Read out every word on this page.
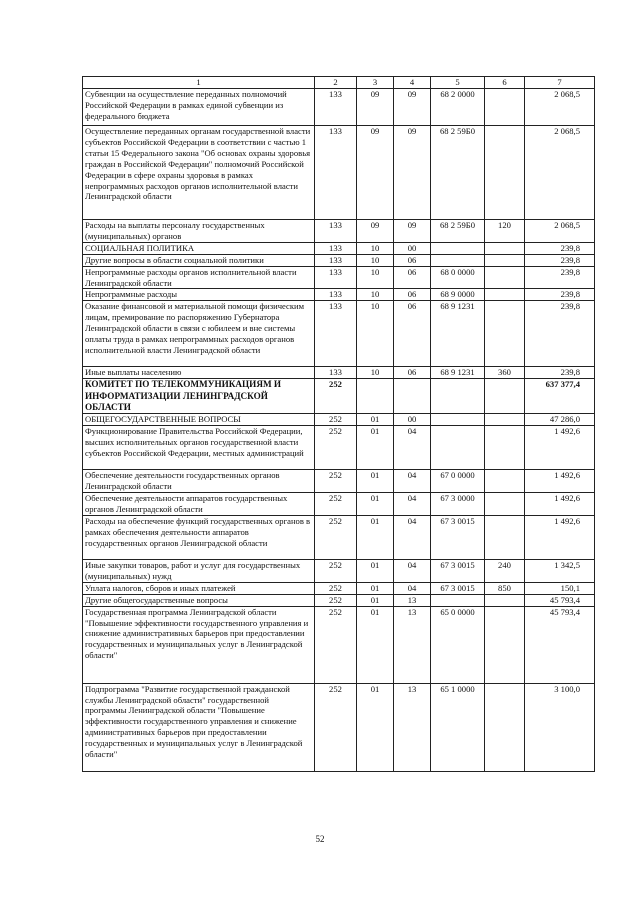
1	2	3	4	5	6	7
Субвенции на осуществление переданных полномочий Российской Федерации в рамках единой субвенции из федерального бюджета	133	09	09	68 2 0000		2 068,5
Осуществление переданных органам государственной власти субъектов Российской Федерации в соответствии с частью 1 статьи 15 Федерального закона "Об основах охраны здоровья граждан в Российской Федерации" полномочий Российской Федерации в сфере охраны здоровья в рамках непрограммных расходов органов исполнительной власти Ленинградской области	133	09	09	68 2 59Б0		2 068,5
Расходы на выплаты персоналу государственных (муниципальных) органов	133	09	09	68 2 59Б0	120	2 068,5
СОЦИАЛЬНАЯ ПОЛИТИКА	133	10	00			239,8
Другие вопросы в области социальной политики	133	10	06			239,8
Непрограммные расходы органов исполнительной власти Ленинградской области	133	10	06	68 0 0000		239,8
Непрограммные расходы	133	10	06	68 9 0000		239,8
Оказание финансовой и материальной помощи физическим лицам, премирование по распоряжению Губернатора Ленинградской области в связи с юбилеем и вне системы оплаты труда в рамках непрограммных расходов органов исполнительной власти Ленинградской области	133	10	06	68 9 1231		239,8
Иные выплаты населению	133	10	06	68 9 1231	360	239,8
КОМИТЕТ ПО ТЕЛЕКОММУНИКАЦИЯМ И ИНФОРМАТИЗАЦИИ ЛЕНИНГРАДСКОЙ ОБЛАСТИ	252					637 377,4
ОБЩЕГОСУДАРСТВЕННЫЕ ВОПРОСЫ	252	01	00			47 286,0
Функционирование Правительства Российской Федерации, высших исполнительных органов государственной власти субъектов Российской Федерации, местных администраций	252	01	04			1 492,6
Обеспечение деятельности государственных органов Ленинградской области	252	01	04	67 0 0000		1 492,6
Обеспечение деятельности аппаратов государственных органов Ленинградской области	252	01	04	67 3 0000		1 492,6
Расходы на обеспечение функций государственных органов в рамках обеспечения деятельности аппаратов государственных органов Ленинградской области	252	01	04	67 3 0015		1 492,6
Иные закупки товаров, работ и услуг для государственных (муниципальных) нужд	252	01	04	67 3 0015	240	1 342,5
Уплата налогов, сборов и иных платежей	252	01	04	67 3 0015	850	150,1
Другие общегосударственные вопросы	252	01	13			45 793,4
Государственная программа Ленинградской области "Повышение эффективности государственного управления и снижение административных барьеров при предоставлении государственных и муниципальных услуг в Ленинградской области"	252	01	13	65 0 0000		45 793,4
Подпрограмма "Развитие государственной гражданской службы Ленинградской области" государственной программы Ленинградской области "Повышение эффективности государственного управления и снижение административных барьеров при предоставлении государственных и муниципальных услуг в Ленинградской области"	252	01	13	65 1 0000		3 100,0
52
